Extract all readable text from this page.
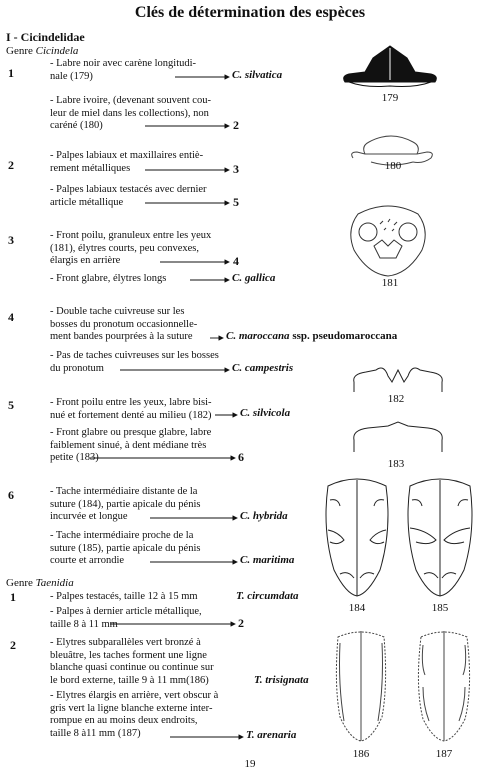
Clés de détermination des espèces
I - Cicindelidae
Genre Cicindela
Genre Taenidia
1
- Labre noir avec carène longitudi-
nale (179)	C. silvatica
- Labre ivoire, (devenant souvent cou-
leur de miel dans les collections), non
caréné (180)	2
2
- Palpes labiaux et maxillaires entiè-
rement métalliques	3
- Palpes labiaux testacés avec dernier
article métallique	5
3	- Front poilu, granuleux entre les yeux
(181), élytres courts, peu convexes,
élargis en arrière	4
- Front glabre, élytres longs	C. gallica
4	- Double tache cuivreuse sur les
bosses du pronotum occasionnelle-
ment bandes pourprées à la suture	C. maroccana ssp. pseudomaroccana
- Pas de taches cuivreuses sur les bosses
du pronotum	C. campestris
5	- Front poilu entre les yeux, labre bisi-
nué et fortement denté au milieu (182)	C. silvicola
- Front glabre ou presque glabre, labre
faiblement sinué, à dent médiane très
petite (183)	6
6	- Tache intermédiaire distante de la
suture (184), partie apicale du pénis
incurvée et longue	C. hybrida
- Tache intermédiaire proche de la
suture (185), partie apicale du pénis
courte et arrondie	C. maritima
1	- Palpes testacés, taille 12 à 15 mm	T. circumdata
- Palpes à dernier article métallique,
taille 8 à 11 mm	2
2	- Elytres subparallèles vert bronzé à
bleuâtre, les taches forment une ligne
blanche quasi continue ou continue sur
le bord externe, taille 9 à 11 mm(186)	T. trisignata
- Elytres élargis en arrière, vert obscur à
gris vert la ligne blanche externe inter-
rompue en au moins deux endroits,
taille 8 à11 mm (187)	T. arenaria
179
180
181
182
183
184	185
186	187
19
